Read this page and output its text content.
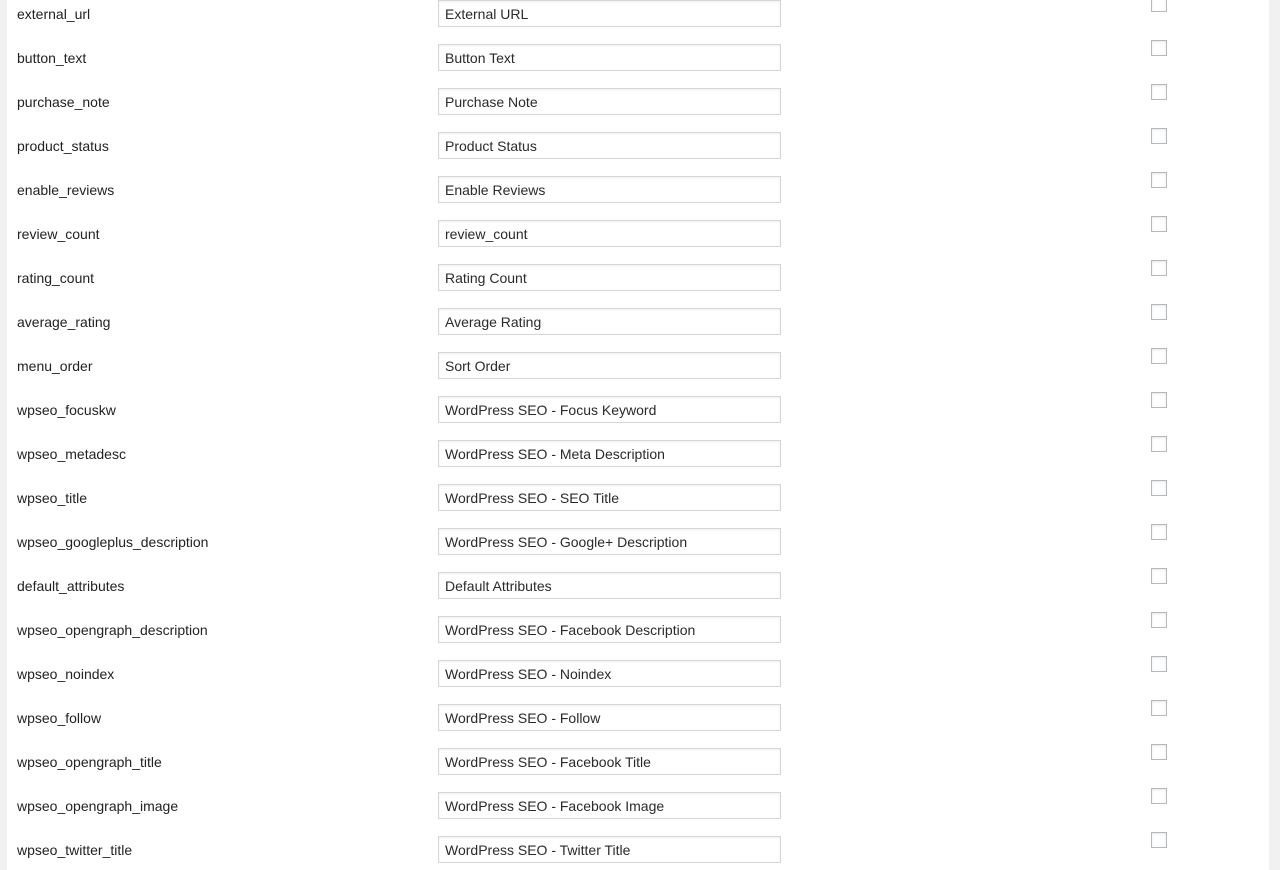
external_url
External URL
button_text
Button Text
purchase_note
Purchase Note
product_status
Product Status
enable_reviews
Enable Reviews
review_count
review_count
rating_count
Rating Count
average_rating
Average Rating
menu_order
Sort Order
wpseo_focuskw
WordPress SEO - Focus Keyword
wpseo_metadesc
WordPress SEO - Meta Description
wpseo_title
WordPress SEO - SEO Title
wpseo_googleplus_description
WordPress SEO - Google+ Description
default_attributes
Default Attributes
wpseo_opengraph_description
WordPress SEO - Facebook Description
wpseo_noindex
WordPress SEO - Noindex
wpseo_follow
WordPress SEO - Follow
wpseo_opengraph_title
WordPress SEO - Facebook Title
wpseo_opengraph_image
WordPress SEO - Facebook Image
wpseo_twitter_title
WordPress SEO - Twitter Title
